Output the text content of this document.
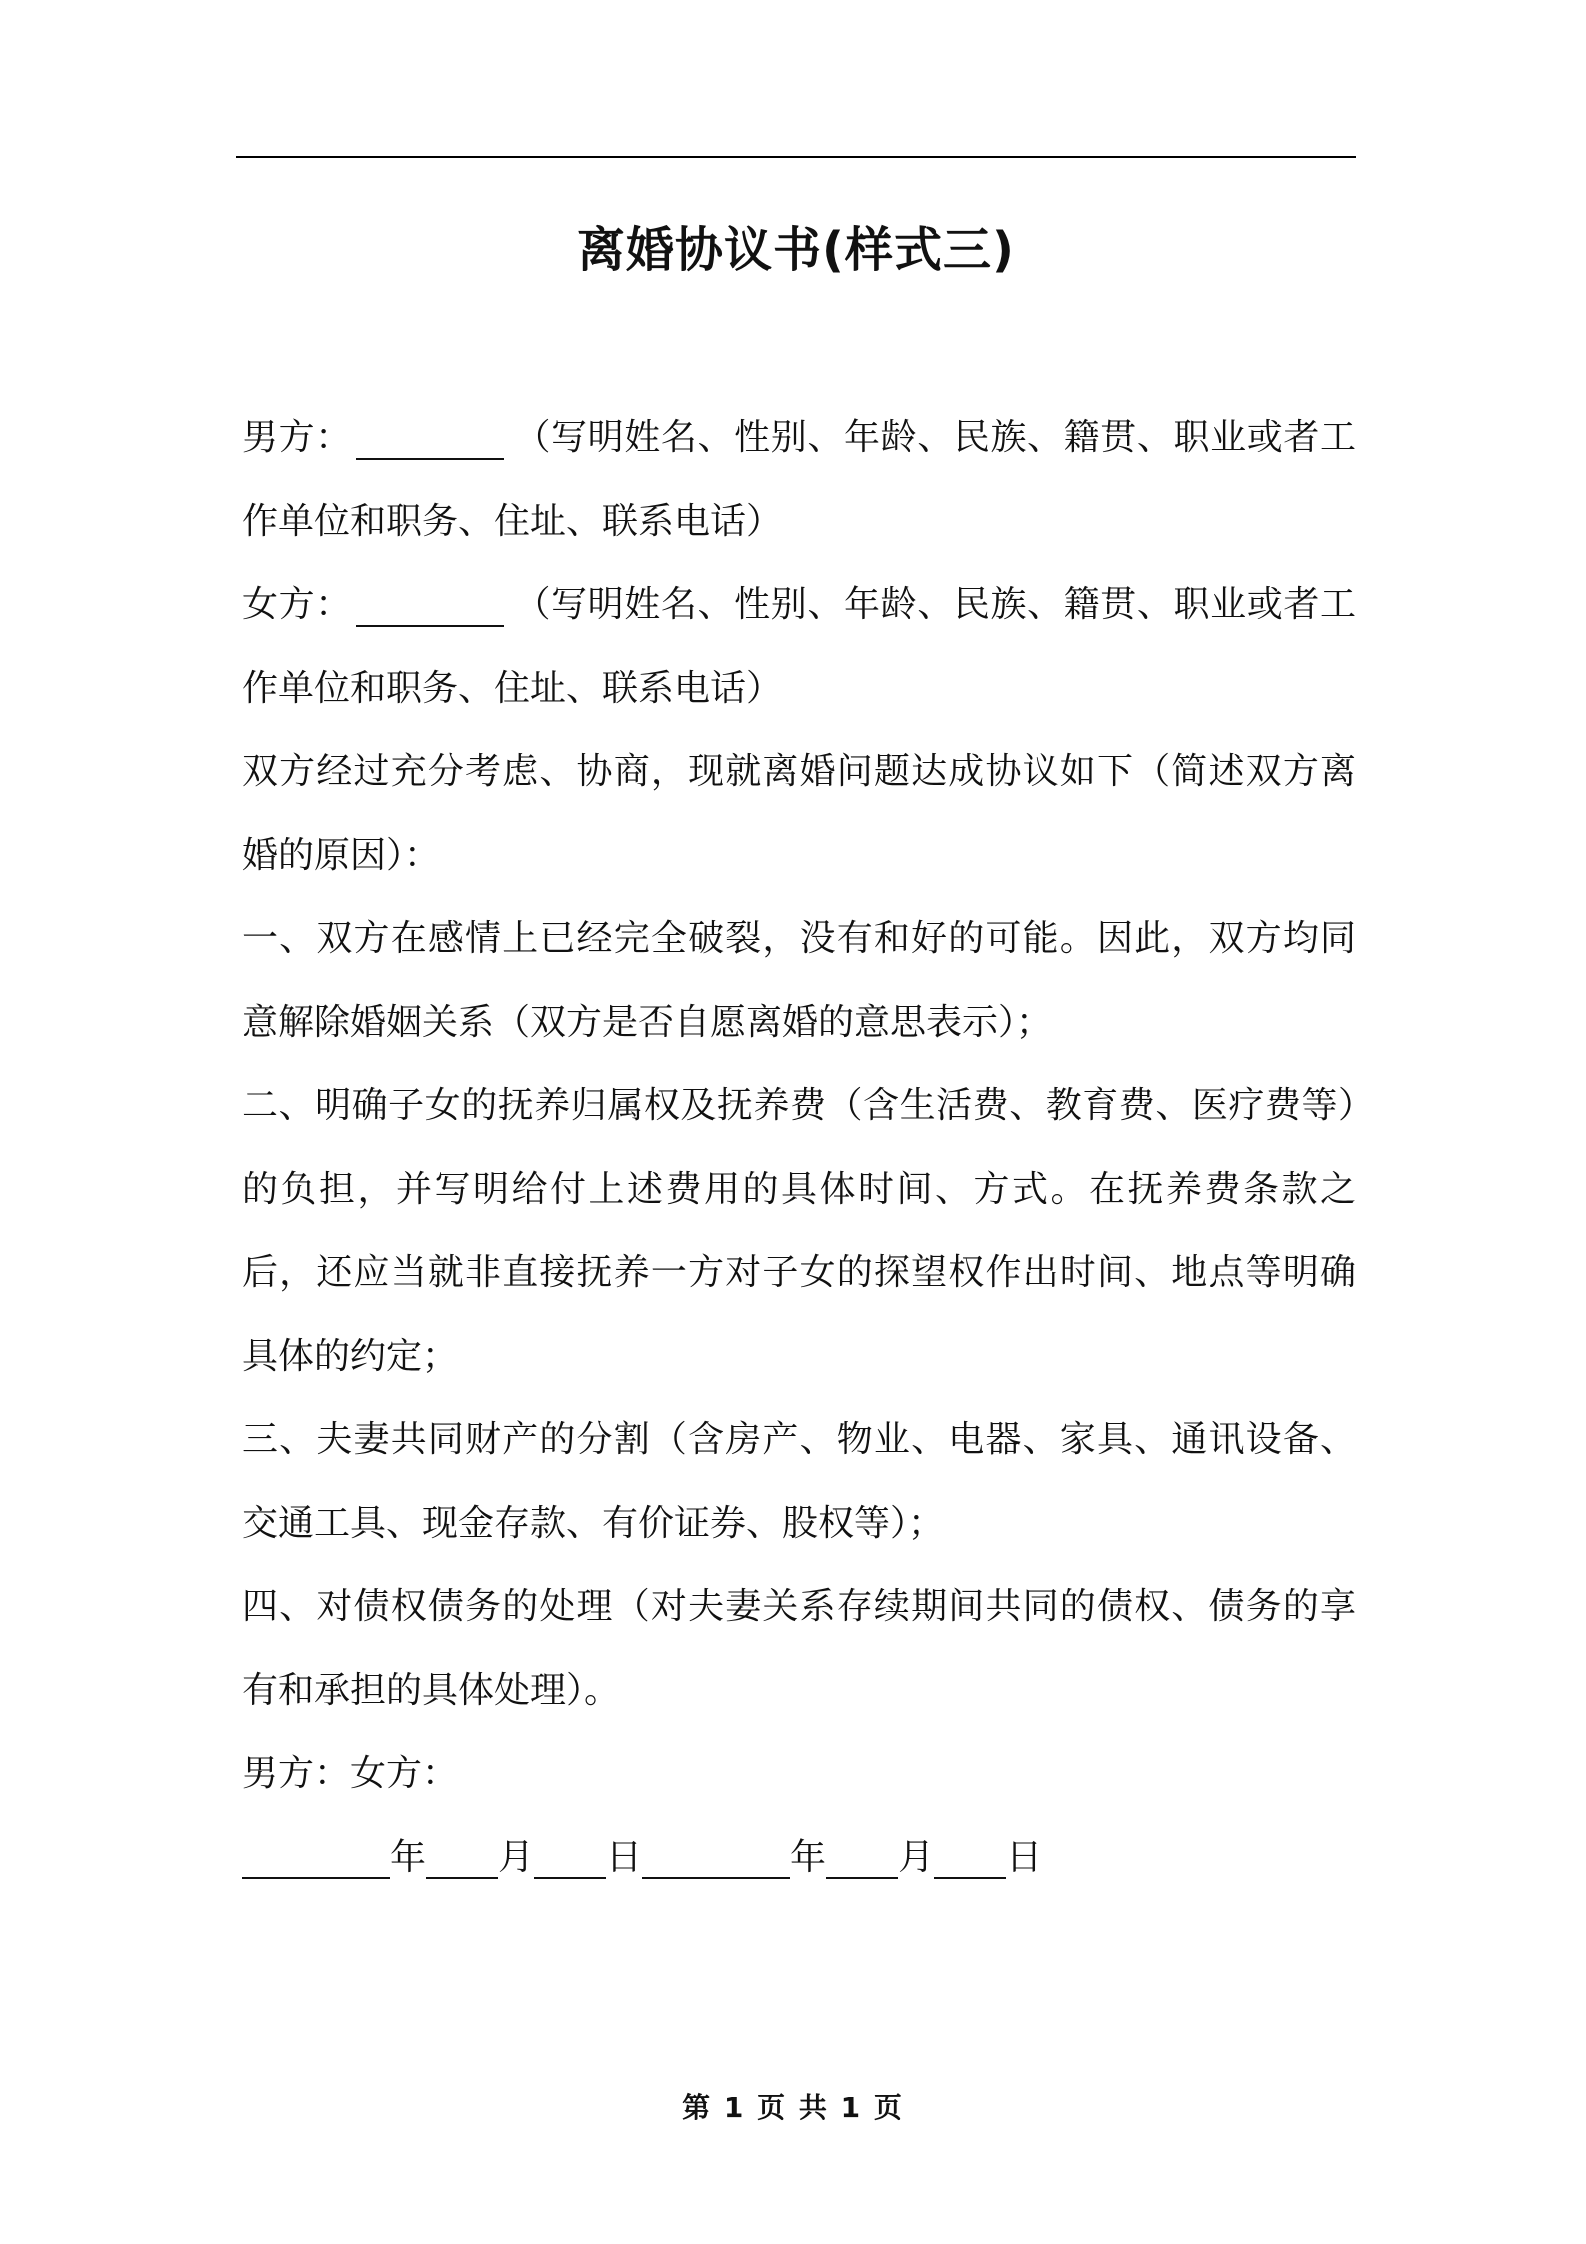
离婚协议书(样式三)

男方：	（写明姓名、性别、年龄、民族、籍贯、职业或者工作单位和职务、住址、联系电话）

女方：	（写明姓名、性别、年龄、民族、籍贯、职业或者工作单位和职务、住址、联系电话）

双方经过充分考虑、协商，现就离婚问题达成协议如下（简述双方离婚的原因）：

一、双方在感情上已经完全破裂，没有和好的可能。因此，双方均同意解除婚姻关系（双方是否自愿离婚的意思表示）；

二、明确子女的抚养归属权及抚养费（含生活费、教育费、医疗费等）的负担，并写明给付上述费用的具体时间、方式。在抚养费条款之后，还应当就非直接抚养一方对子女的探望权作出时间、地点等明确具体的约定；

三、夫妻共同财产的分割（含房产、物业、电器、家具、通讯设备、交通工具、现金存款、有价证券、股权等）；

四、对债权债务的处理（对夫妻关系存续期间共同的债权、债务的享有和承担的具体处理）。

男方：女方：

年 月 日	年 月 日

第 1 页 共 1 页
